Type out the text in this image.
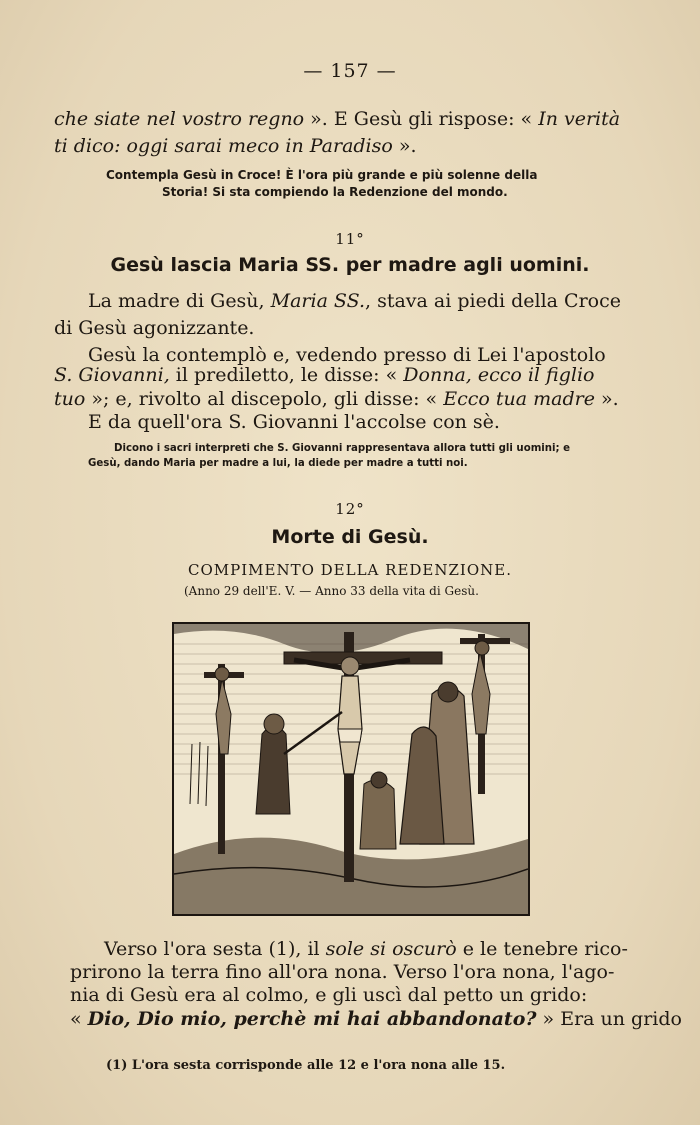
— 157 —
che siate nel vostro regno ». E Gesù gli rispose: « In verità
ti dico: oggi sarai meco in Paradiso ».
Contempla Gesù in Croce! È l'ora più grande e più solenne della
Storia! Si sta compiendo la Redenzione del mondo.
11°
Gesù lascia Maria SS. per madre agli uomini.
La madre di Gesù, Maria SS., stava ai piedi della Croce
di Gesù agonizzante.
Gesù la contemplò e, vedendo presso di Lei l'apostolo
S. Giovanni, il prediletto, le disse: « Donna, ecco il figlio
tuo »; e, rivolto al discepolo, gli disse: « Ecco tua madre ».
E da quell'ora S. Giovanni l'accolse con sè.
Dicono i sacri interpreti che S. Giovanni rappresentava allora tutti gli uomini; e
Gesù, dando Maria per madre a lui, la diede per madre a tutti noi.
12°
Morte di Gesù.
COMPIMENTO DELLA REDENZIONE.
(Anno 29 dell'E. V. — Anno 33 della vita di Gesù.
Verso l'ora sesta (1), il sole si oscurò e le tenebre rico-
prirono la terra fino all'ora nona. Verso l'ora nona, l'ago-
nia di Gesù era al colmo, e gli uscì dal petto un grido:
« Dio, Dio mio, perchè mi hai abbandonato? » Era un grido
(1) L'ora sesta corrisponde alle 12 e l'ora nona alle 15.
